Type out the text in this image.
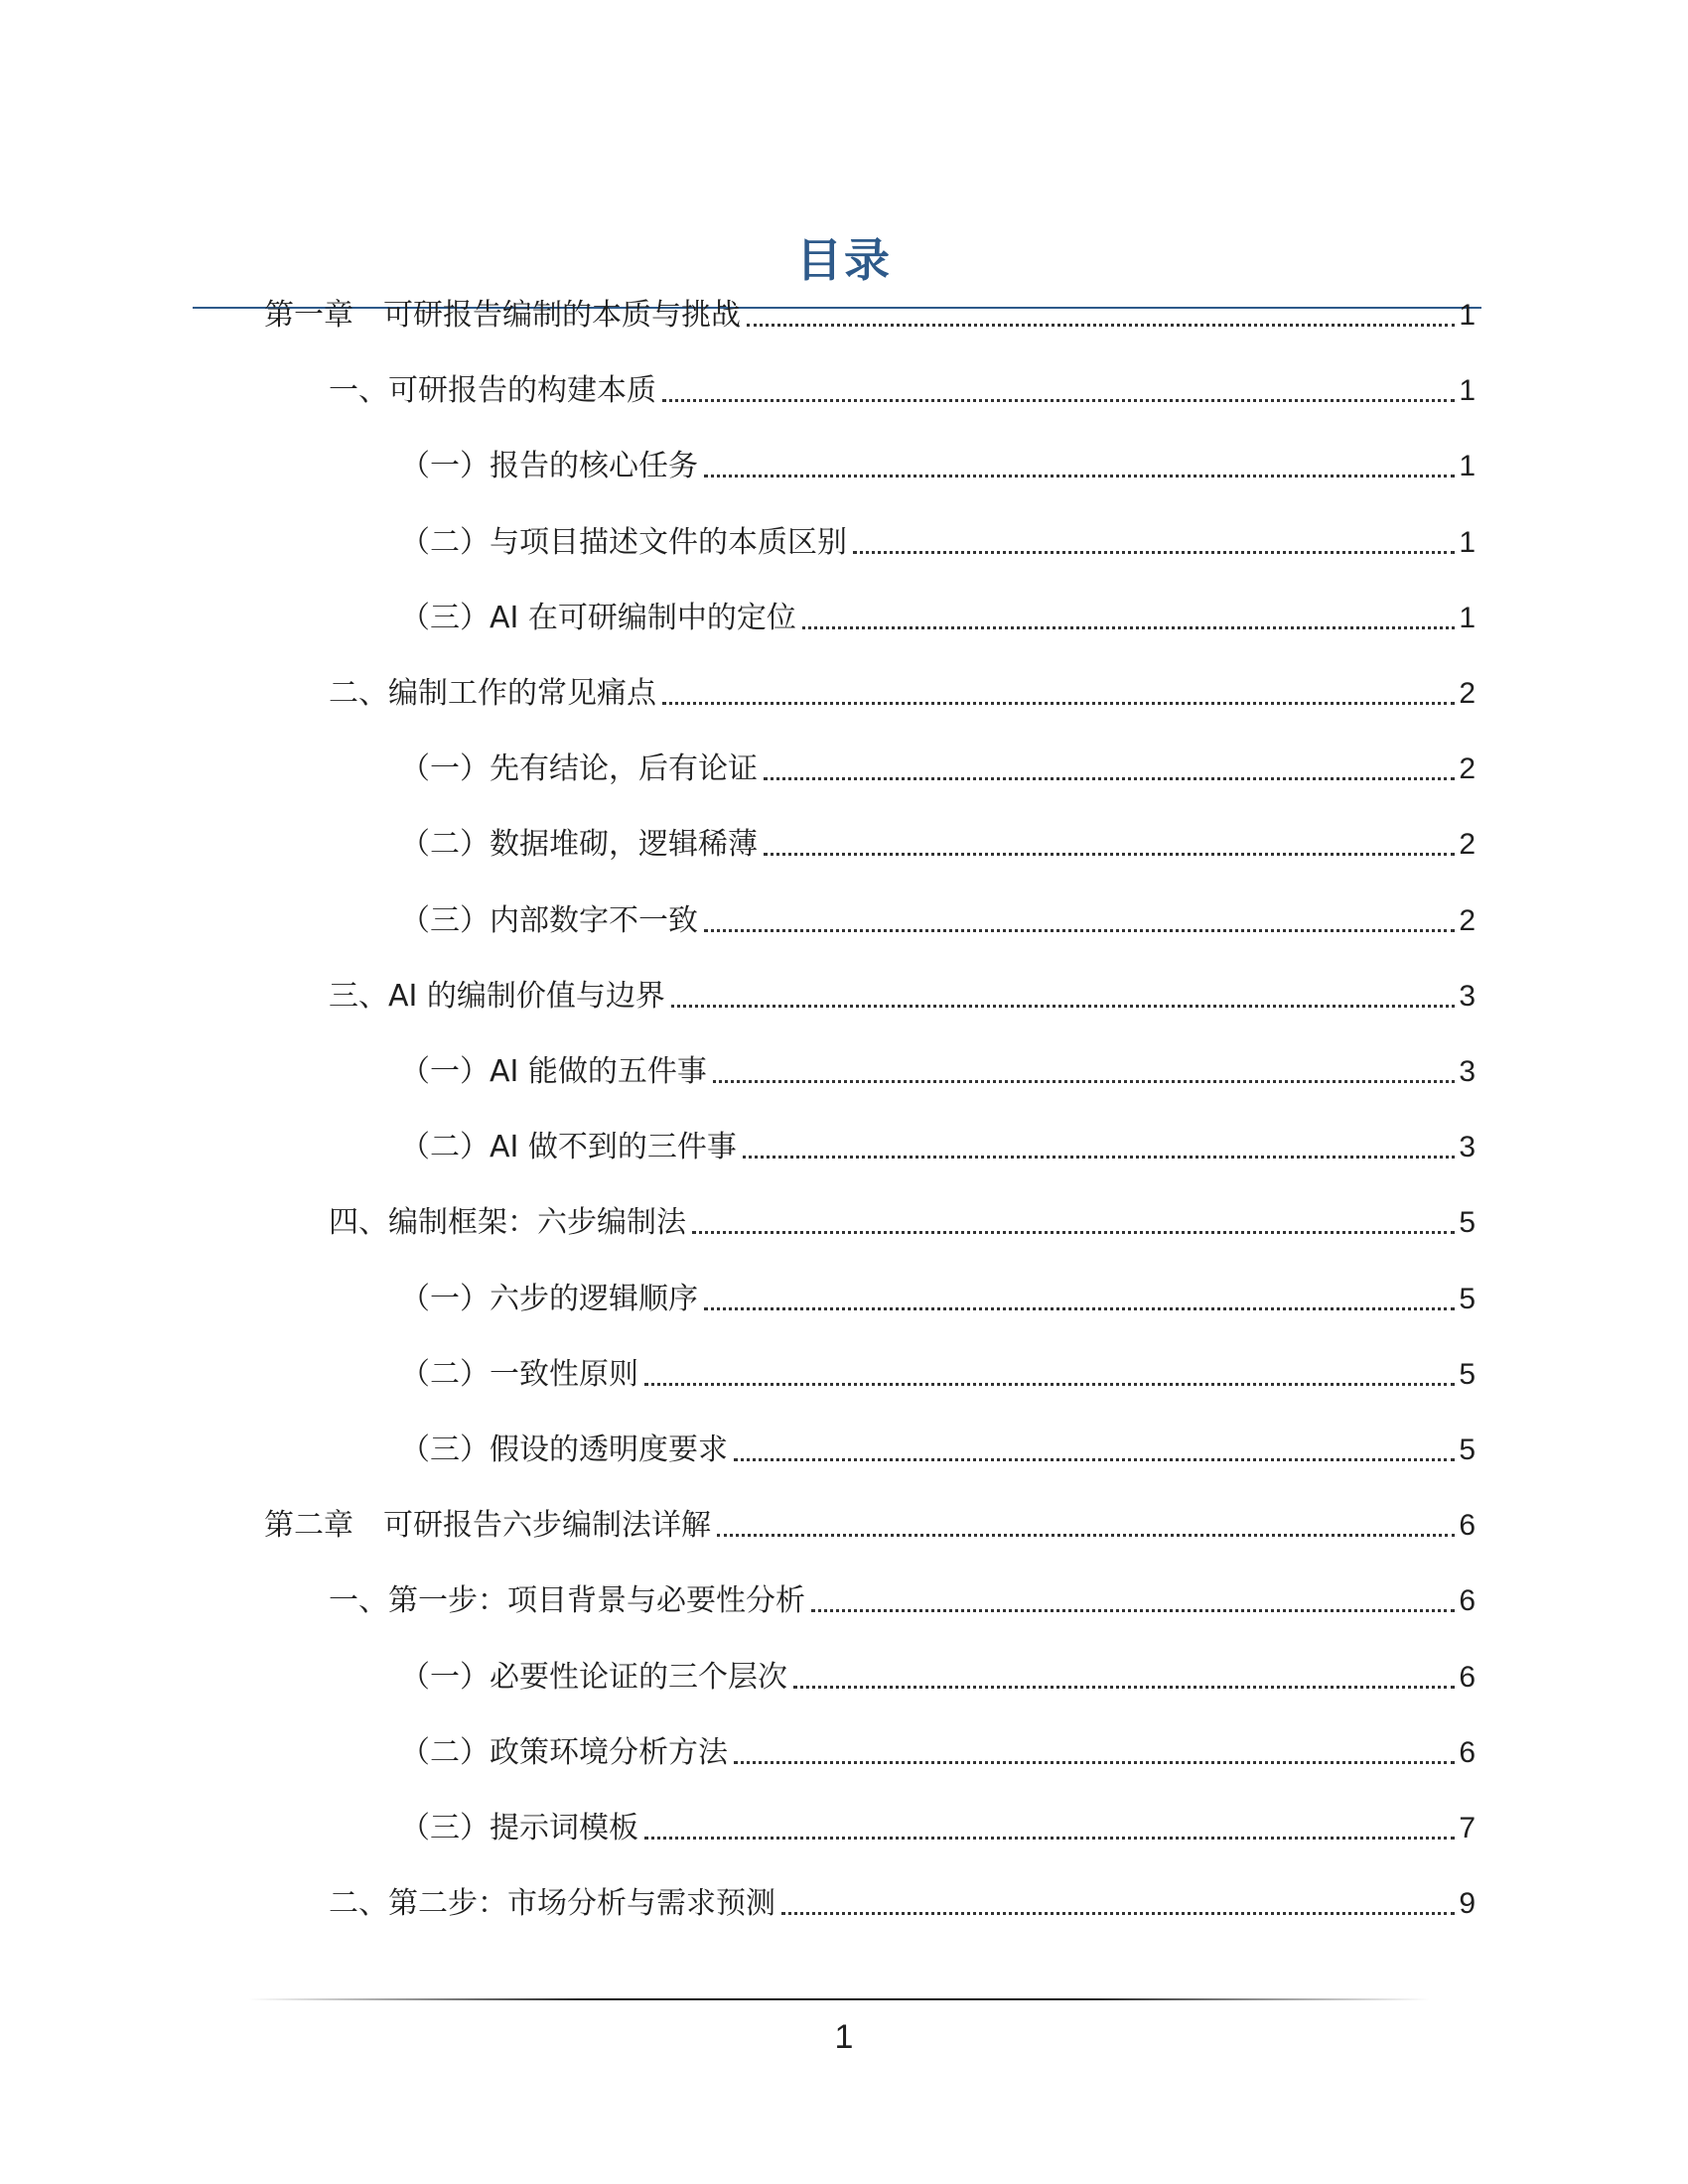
目录
第一章　可研报告编制的本质与挑战	1
一、可研报告的构建本质	1
（一）报告的核心任务	1
（二）与项目描述文件的本质区别	1
（三）AI 在可研编制中的定位	1
二、编制工作的常见痛点	2
（一）先有结论，后有论证	2
（二）数据堆砌，逻辑稀薄	2
（三）内部数字不一致	2
三、AI 的编制价值与边界	3
（一）AI 能做的五件事	3
（二）AI 做不到的三件事	3
四、编制框架：六步编制法	5
（一）六步的逻辑顺序	5
（二）一致性原则	5
（三）假设的透明度要求	5
第二章　可研报告六步编制法详解	6
一、第一步：项目背景与必要性分析	6
（一）必要性论证的三个层次	6
（二）政策环境分析方法	6
（三）提示词模板	7
二、第二步：市场分析与需求预测	9
1
